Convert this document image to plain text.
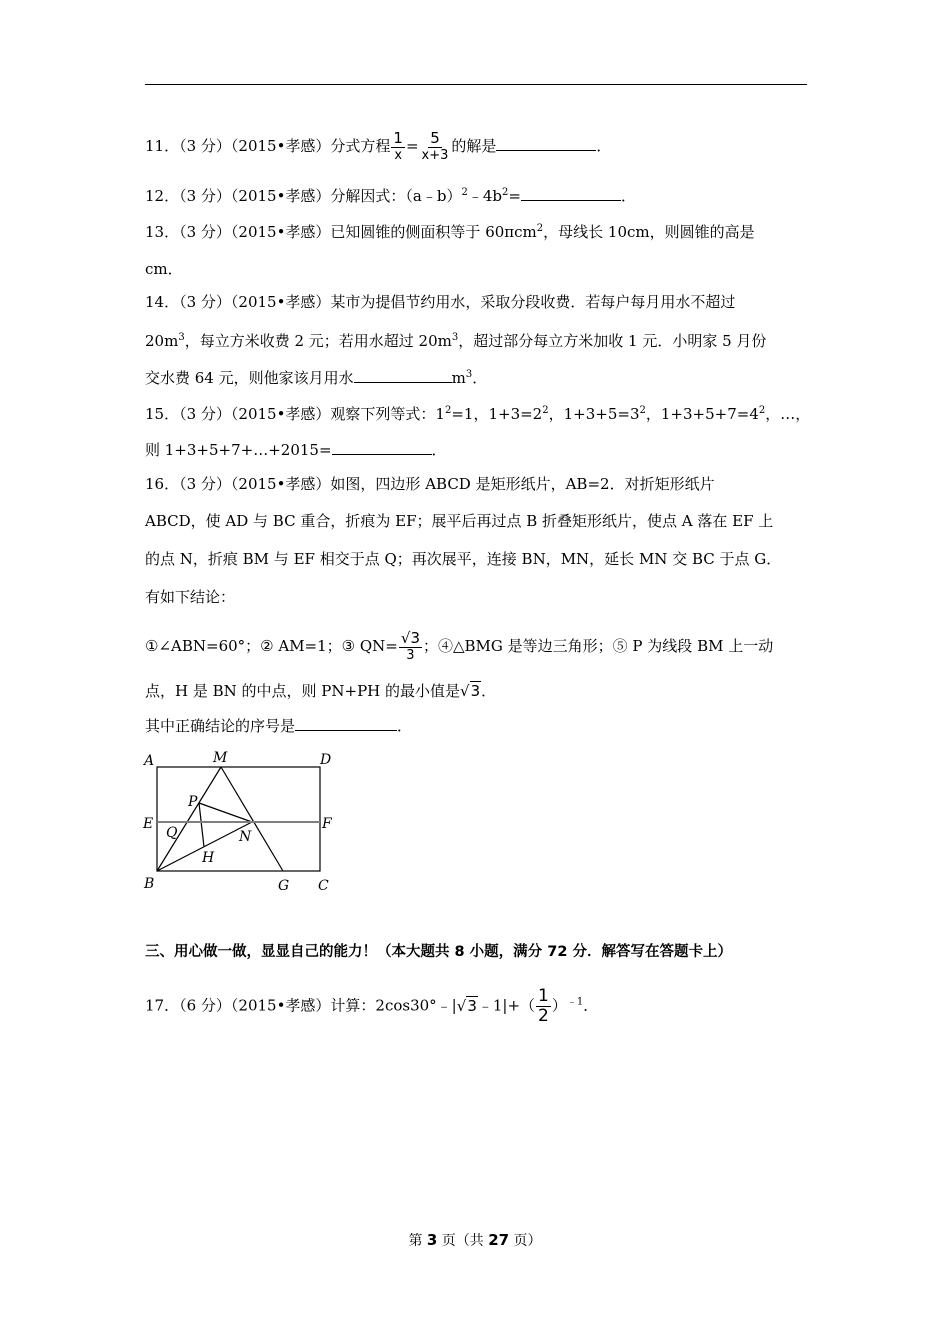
11．（3 分）（2015•孝感）分式方程 $\frac{1}{x} = \frac{5}{x+3}$ 的解是	．
12．（3 分）（2015•孝感）分解因式：$(a﹣b)^2﹣4b^2=$	．
13．（3 分）（2015•孝感）已知圆锥的侧面积等于 60πcm$^2$，母线长 10cm，则圆锥的高是
cm．
14．（3 分）（2015•孝感）某市为提倡节约用水，采取分段收费．若每户每月用水不超过
$20m^3$，每立方米收费 2 元；若用水超过 $20m^3$，超过部分每立方米加收 1 元．小明家 5 月份
交水费 64 元，则他家该月用水	$m^3$．
15．（3 分）（2015•孝感）观察下列等式：$1^2=1$，$1+3=2^2$，$1+3+5=3^2$，$1+3+5+7=4^2$，…，
则 1+3+5+7+…+2015=	．
16．（3 分）（2015•孝感）如图，四边形 ABCD 是矩形纸片，AB=2．对折矩形纸片
ABCD，使 AD 与 BC 重合，折痕为 EF；展平后再过点 B 折叠矩形纸片，使点 A 落在 EF 上
的点 N，折痕 BM 与 EF 相交于点 Q；再次展平，连接 BN，MN，延长 MN 交 BC 于点 G．
有如下结论：
①∠ABN=60°；② AM=1；③ $QN= \frac{√3}{3}$ ；④△BMG 是等边三角形；⑤ P 为线段 BM 上一动
点，H 是 BN 的中点，则 PN+PH 的最小值是√3．
其中正确结论的序号是	．
A	M	D
P
E
Q	N
F
H
B	G C
三、用心做一做，显显自己的能力！（本大题共 8 小题，满分 72 分．解答写在答题卡上）
17．（6 分）（2015•孝感）计算：2cos30°﹣|√3﹣1|+（ $\frac{1}{2} )^{﹣1}$．
第 3 页（共 27 页）
